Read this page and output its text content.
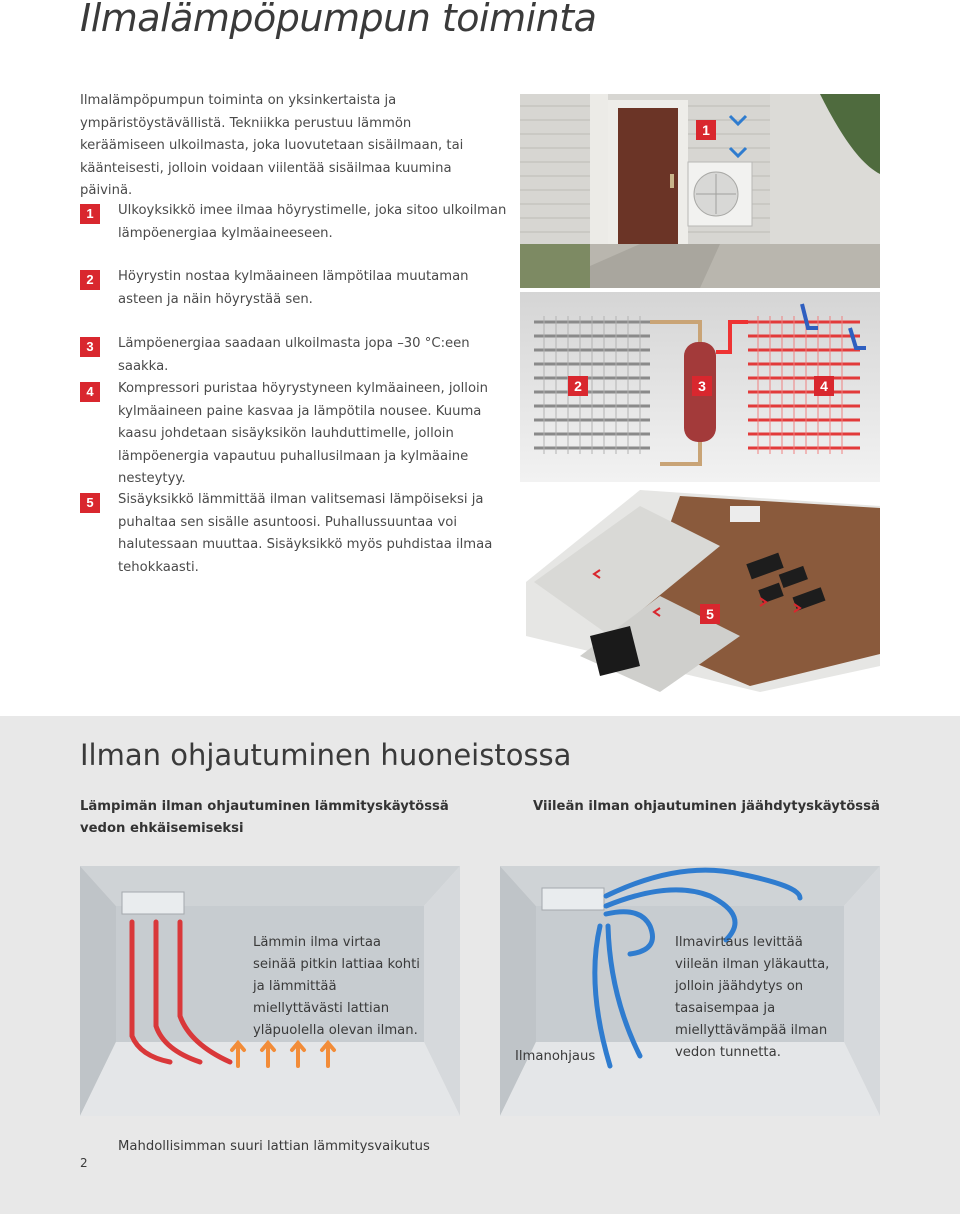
Ilmalämpöpumpun toiminta

Ilmalämpöpumpun toiminta on yksinkertaista ja ympäristöystävällistä. Tekniikka perustuu lämmön keräämiseen ulkoilmasta, joka luovutetaan sisäilmaan, tai käänteisesti, jolloin voidaan viilentää sisäilmaa kuumina päivinä.

1	Ulkoyksikkö imee ilmaa höyrystimelle, joka sitoo ulkoilman lämpöenergiaa kylmäaineeseen.

2	Höyrystin nostaa kylmäaineen lämpötilaa muutaman asteen ja näin höyrystää sen.

3	Lämpöenergiaa saadaan ulkoilmasta jopa –30 °C:een saakka.

4	Kompressori puristaa höyrystyneen kylmäaineen, jolloin kylmäaineen paine kasvaa ja lämpötila nousee. Kuuma kaasu johdetaan sisäyksikön lauhduttimelle, jolloin lämpöenergia vapautuu puhallusilmaan ja kylmäaine nesteytyy.

5	Sisäyksikkö lämmittää ilman valitsemasi lämpöiseksi ja puhaltaa sen sisälle asuntoosi. Puhallussuuntaa voi halutessaan muuttaa. Sisäyksikkö myös puhdistaa ilmaa tehokkaasti.

1
2	3	4
5
Ilman ohjautuminen huoneistossa

Lämpimän ilman ohjautuminen lämmityskäytössä vedon ehkäisemiseksi

Viileän ilman ohjautuminen jäähdytyskäytössä

Lämmin ilma virtaa seinää pitkin lattiaa kohti ja lämmittää miellyttävästi lattian yläpuolella olevan ilman.

Ilmavirtaus levittää viileän ilman yläkautta, jolloin jäähdytys on tasaisempaa ja miellyttävämpää ilman vedon tunnetta.

Ilmanohjaus

Mahdollisimman suuri lattian lämmitysvaikutus

2
